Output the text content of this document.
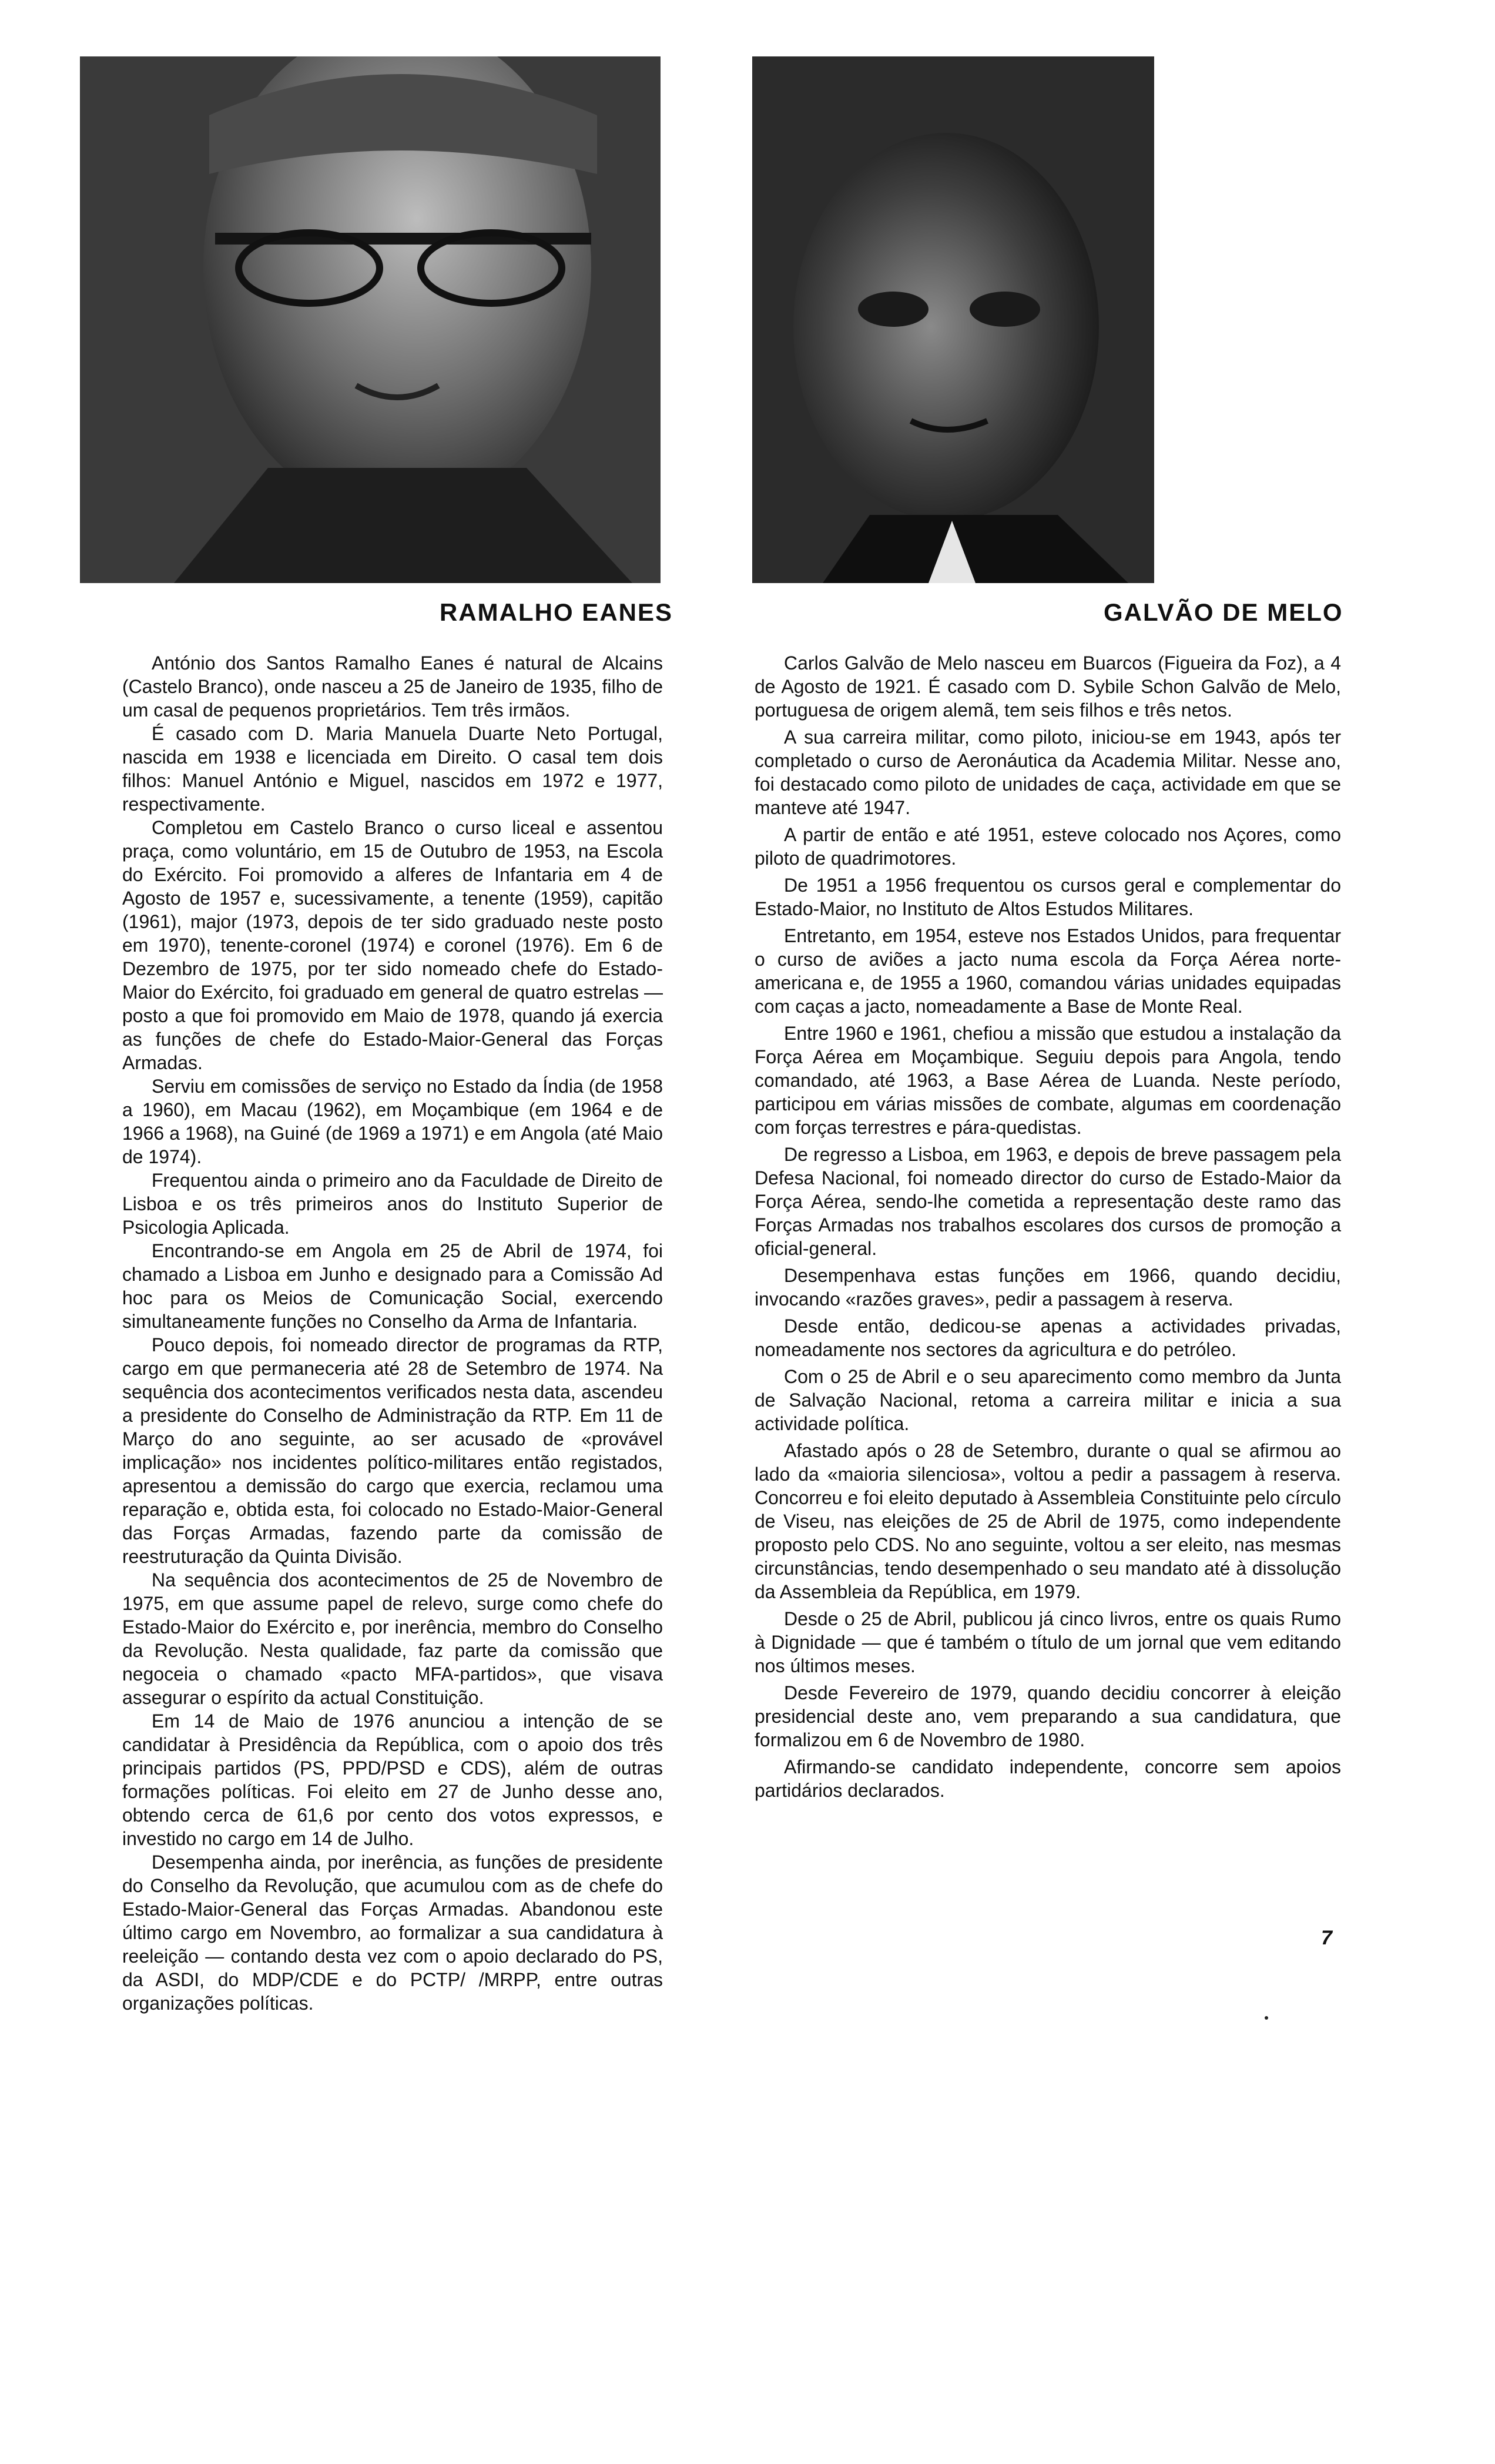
RAMALHO EANES	GALVÃO DE MELO

António dos Santos Ramalho Eanes é natural de Alcains (Castelo Branco), onde nasceu a 25 de Janeiro de 1935, filho de um casal de pequenos proprietários. Tem três irmãos.

É casado com D. Maria Manuela Duarte Neto Portugal, nascida em 1938 e licenciada em Direito. O casal tem dois filhos: Manuel António e Miguel, nascidos em 1972 e 1977, respectivamente.

Completou em Castelo Branco o curso liceal e assentou praça, como voluntário, em 15 de Outubro de 1953, na Escola do Exército. Foi promovido a alferes de Infantaria em 4 de Agosto de 1957 e, sucessivamente, a tenente (1959), capitão (1961), major (1973, depois de ter sido graduado neste posto em 1970), tenente-coronel (1974) e coronel (1976). Em 6 de Dezembro de 1975, por ter sido nomeado chefe do Estado-Maior do Exército, foi graduado em general de quatro estrelas — posto a que foi promovido em Maio de 1978, quando já exercia as funções de chefe do Estado-Maior-General das Forças Armadas.

Serviu em comissões de serviço no Estado da Índia (de 1958 a 1960), em Macau (1962), em Moçambique (em 1964 e de 1966 a 1968), na Guiné (de 1969 a 1971) e em Angola (até Maio de 1974).

Frequentou ainda o primeiro ano da Faculdade de Direito de Lisboa e os três primeiros anos do Instituto Superior de Psicologia Aplicada.

Encontrando-se em Angola em 25 de Abril de 1974, foi chamado a Lisboa em Junho e designado para a Comissão Ad hoc para os Meios de Comunicação Social, exercendo simultaneamente funções no Conselho da Arma de Infantaria.

Pouco depois, foi nomeado director de programas da RTP, cargo em que permaneceria até 28 de Setembro de 1974. Na sequência dos acontecimentos verificados nesta data, ascendeu a presidente do Conselho de Administração da RTP. Em 11 de Março do ano seguinte, ao ser acusado de «provável implicação» nos incidentes político-militares então registados, apresentou a demissão do cargo que exercia, reclamou uma reparação e, obtida esta, foi colocado no Estado-Maior-General das Forças Armadas, fazendo parte da comissão de reestruturação da Quinta Divisão.

Na sequência dos acontecimentos de 25 de Novembro de 1975, em que assume papel de relevo, surge como chefe do Estado-Maior do Exército e, por inerência, membro do Conselho da Revolução. Nesta qualidade, faz parte da comissão que negoceia o chamado «pacto MFA-partidos», que visava assegurar o espírito da actual Constituição.

Em 14 de Maio de 1976 anunciou a intenção de se candidatar à Presidência da República, com o apoio dos três principais partidos (PS, PPD/PSD e CDS), além de outras formações políticas. Foi eleito em 27 de Junho desse ano, obtendo cerca de 61,6 por cento dos votos expressos, e investido no cargo em 14 de Julho.

Desempenha ainda, por inerência, as funções de presidente do Conselho da Revolução, que acumulou com as de chefe do Estado-Maior-General das Forças Armadas. Abandonou este último cargo em Novembro, ao formalizar a sua candidatura à reeleição — contando desta vez com o apoio declarado do PS, da ASDI, do MDP/CDE e do PCTP/ /MRPP, entre outras organizações políticas.

Carlos Galvão de Melo nasceu em Buarcos (Figueira da Foz), a 4 de Agosto de 1921. É casado com D. Sybile Schon Galvão de Melo, portuguesa de origem alemã, tem seis filhos e três netos.

A sua carreira militar, como piloto, iniciou-se em 1943, após ter completado o curso de Aeronáutica da Academia Militar. Nesse ano, foi destacado como piloto de unidades de caça, actividade em que se manteve até 1947.

A partir de então e até 1951, esteve colocado nos Açores, como piloto de quadrimotores.

De 1951 a 1956 frequentou os cursos geral e complementar do Estado-Maior, no Instituto de Altos Estudos Militares.

Entretanto, em 1954, esteve nos Estados Unidos, para frequentar o curso de aviões a jacto numa escola da Força Aérea norte-americana e, de 1955 a 1960, comandou várias unidades equipadas com caças a jacto, nomeadamente a Base de Monte Real.

Entre 1960 e 1961, chefiou a missão que estudou a instalação da Força Aérea em Moçambique. Seguiu depois para Angola, tendo comandado, até 1963, a Base Aérea de Luanda. Neste período, participou em várias missões de combate, algumas em coordenação com forças terrestres e pára-quedistas.

De regresso a Lisboa, em 1963, e depois de breve passagem pela Defesa Nacional, foi nomeado director do curso de Estado-Maior da Força Aérea, sendo-lhe cometida a representação deste ramo das Forças Armadas nos trabalhos escolares dos cursos de promoção a oficial-general.

Desempenhava estas funções em 1966, quando decidiu, invocando «razões graves», pedir a passagem à reserva.

Desde então, dedicou-se apenas a actividades privadas, nomeadamente nos sectores da agricultura e do petróleo.

Com o 25 de Abril e o seu aparecimento como membro da Junta de Salvação Nacional, retoma a carreira militar e inicia a sua actividade política.

Afastado após o 28 de Setembro, durante o qual se afirmou ao lado da «maioria silenciosa», voltou a pedir a passagem à reserva. Concorreu e foi eleito deputado à Assembleia Constituinte pelo círculo de Viseu, nas eleições de 25 de Abril de 1975, como independente proposto pelo CDS. No ano seguinte, voltou a ser eleito, nas mesmas circunstâncias, tendo desempenhado o seu mandato até à dissolução da Assembleia da República, em 1979.

Desde o 25 de Abril, publicou já cinco livros, entre os quais Rumo à Dignidade — que é também o título de um jornal que vem editando nos últimos meses.

Desde Fevereiro de 1979, quando decidiu concorrer à eleição presidencial deste ano, vem preparando a sua candidatura, que formalizou em 6 de Novembro de 1980.

Afirmando-se candidato independente, concorre sem apoios partidários declarados.

7
